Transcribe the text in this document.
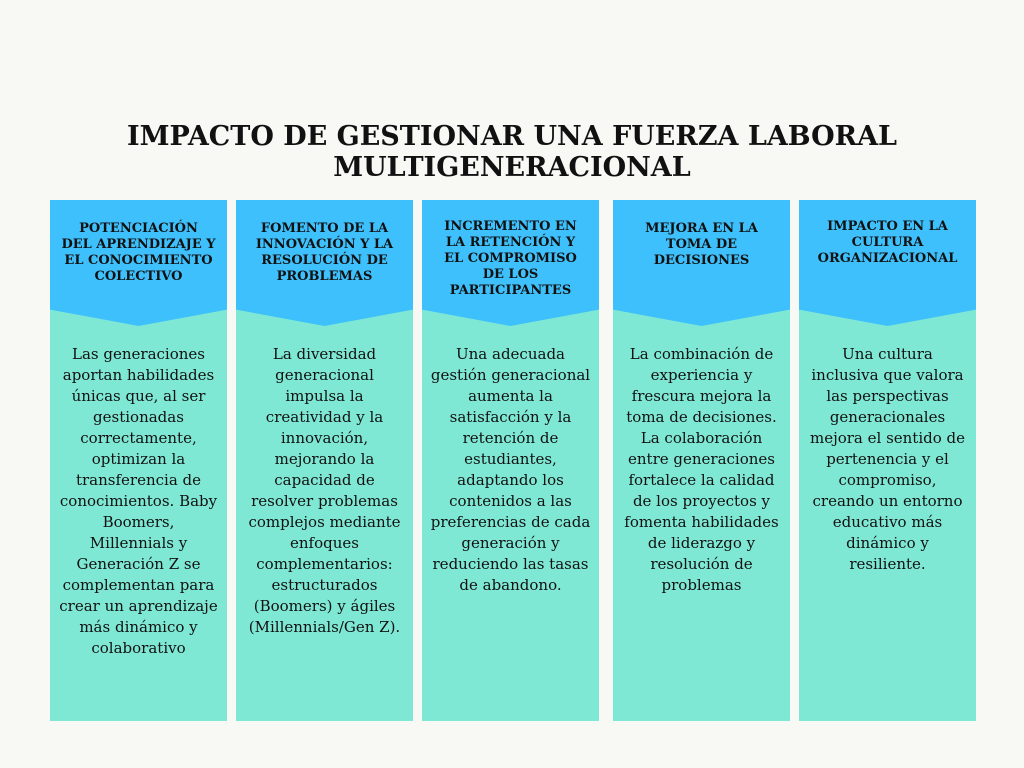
IMPACTO DE GESTIONAR UNA FUERZA LABORAL
MULTIGENERACIONAL
POTENCIACIÓN
DEL APRENDIZAJE Y
EL CONOCIMIENTO
COLECTIVO
Las generaciones
aportan habilidades
únicas que, al ser
gestionadas
correctamente,
optimizan la
transferencia de
conocimientos. Baby
Boomers,
Millennials y
Generación Z se
complementan para
crear un aprendizaje
más dinámico y
colaborativo
FOMENTO DE LA
INNOVACIÓN Y LA
RESOLUCIÓN DE
PROBLEMAS
La diversidad
generacional
impulsa la
creatividad y la
innovación,
mejorando la
capacidad de
resolver problemas
complejos mediante
enfoques
complementarios:
estructurados
(Boomers) y ágiles
(Millennials/Gen Z).
INCREMENTO EN
LA RETENCIÓN Y
EL COMPROMISO
DE LOS
PARTICIPANTES
Una adecuada
gestión generacional
aumenta la
satisfacción y la
retención de
estudiantes,
adaptando los
contenidos a las
preferencias de cada
generación y
reduciendo las tasas
de abandono.
MEJORA EN LA
TOMA DE
DECISIONES
La combinación de
experiencia y
frescura mejora la
toma de decisiones.
La colaboración
entre generaciones
fortalece la calidad
de los proyectos y
fomenta habilidades
de liderazgo y
resolución de
problemas
IMPACTO EN LA
CULTURA
ORGANIZACIONAL
Una cultura
inclusiva que valora
las perspectivas
generacionales
mejora el sentido de
pertenencia y el
compromiso,
creando un entorno
educativo más
dinámico y
resiliente.
